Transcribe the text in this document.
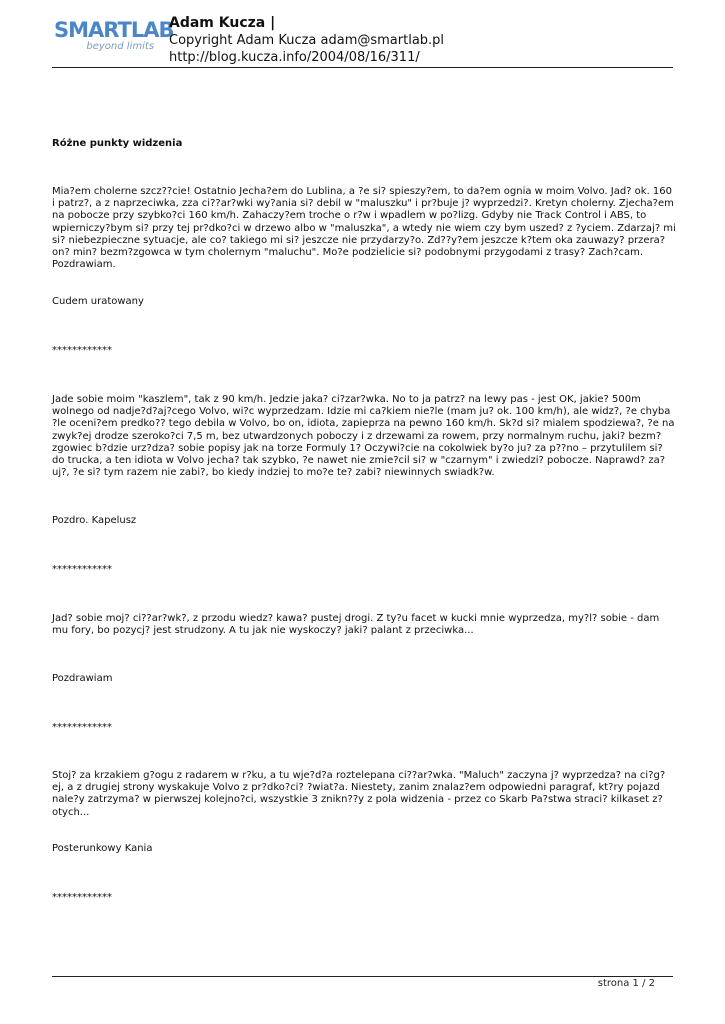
SMARTLAB
beyond limits
Adam Kucza |
Copyright Adam Kucza adam@smartlab.pl
http://blog.kucza.info/2004/08/16/311/
Różne punkty widzenia

Mia?em cholerne szcz??cie! Ostatnio Jecha?em do Lublina, a ?e si? spieszy?em, to da?em ognia w moim Volvo. Jad? ok. 160 i patrz?, a z naprzeciwka, zza ci??ar?wki wy?ania si? debil w "maluszku" i pr?buje j? wyprzedzi?. Kretyn cholerny. Zjecha?em na pobocze przy szybko?ci 160 km/h. Zahaczy?em troche o r?w i wpadlem w po?lizg. Gdyby nie Track Control i ABS, to wpierniczy?bym si? przy tej pr?dko?ci w drzewo albo w "maluszka", a wtedy nie wiem czy bym uszed? z ?yciem. Zdarzaj? mi si? niebezpieczne sytuacje, ale co? takiego mi si? jeszcze nie przydarzy?o. Zd??y?em jeszcze k?tem oka zauwazy? przera?on? min? bezm?zgowca w tym cholernym "maluchu". Mo?e podzielicie si? podobnymi przygodami z trasy? Zach?cam. Pozdrawiam.

Cudem uratowany
************

Jade sobie moim "kaszlem", tak z 90 km/h. Jedzie jaka? ci?zar?wka. No to ja patrz? na lewy pas - jest OK, jakie? 500m wolnego od nadje?d?aj?cego Volvo, wi?c wyprzedzam. Idzie mi ca?kiem nie?le (mam ju? ok. 100 km/h), ale widz?, ?e chyba ?le oceni?em predko?? tego debila w Volvo, bo on, idiota, zapieprza na pewno 160 km/h. Sk?d si? mialem spodziewa?, ?e na zwyk?ej drodze szeroko?ci 7,5 m, bez utwardzonych poboczy i z drzewami za rowem, przy normalnym ruchu, jaki? bezm?zgowiec b?dzie urz?dza? sobie popisy jak na torze Formuly 1? Oczywi?cie na cokolwiek by?o ju? za p??no – przytulilem si? do trucka, a ten idiota w Volvo jecha? tak szybko, ?e nawet nie zmie?cil si? w "czarnym" i zwiedzi? pobocze. Naprawd? za?uj?, ?e si? tym razem nie zabi?, bo kiedy indziej to mo?e te? zabi? niewinnych swiadk?w.

Pozdro. Kapelusz
************

Jad? sobie moj? ci??ar?wk?, z przodu wiedz? kawa? pustej drogi. Z ty?u facet w kucki mnie wyprzedza, my?l? sobie - dam mu fory, bo pozycj? jest strudzony. A tu jak nie wyskoczy? jaki? palant z przeciwka...

Pozdrawiam
************

Stoj? za krzakiem g?ogu z radarem w r?ku, a tu wje?d?a roztelepana ci??ar?wka. "Maluch" zaczyna j? wyprzedza? na ci?g?ej, a z drugiej strony wyskakuje Volvo z pr?dko?ci? ?wiat?a. Niestety, zanim znalaz?em odpowiedni paragraf, kt?ry pojazd nale?y zatrzyma? w pierwszej kolejno?ci, wszystkie 3 znikn??y z pola widzenia - przez co Skarb Pa?stwa straci? kilkaset z?otych...

Posterunkowy Kania
************
strona 1 / 2
